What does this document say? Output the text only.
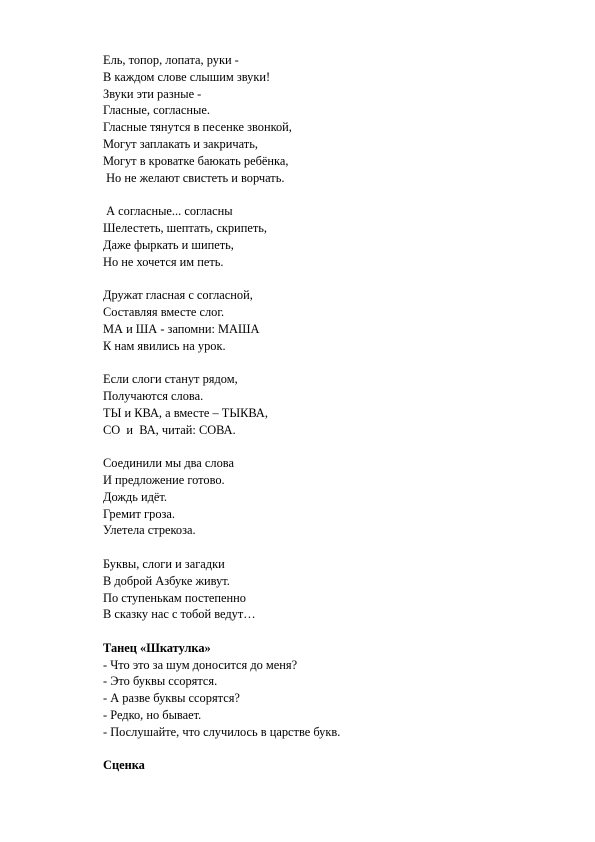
Ель, топор, лопата, руки -
В каждом слове слышим звуки!
Звуки эти разные -
Гласные, согласные.
Гласные тянутся в песенке звонкой,
Могут заплакать и закричать,
Могут в кроватке баюкать ребёнка,
Но не желают свистеть и ворчать.
А согласные... согласны
Шелестеть, шептать, скрипеть,
Даже фыркать и шипеть,
Но не хочется им петь.
Дружат гласная с согласной,
Составляя вместе слог.
МА и ША - запомни: МАША
К нам явились на урок.
Если слоги станут рядом,
Получаются слова.
ТЫ и КВА, а вместе – ТЫКВА,
СО  и  ВА, читай: СОВА.
Соединили мы два слова
И предложение готово.
Дождь идёт.
Гремит гроза.
Улетела стрекоза.
Буквы, слоги и загадки
В доброй Азбуке живут.
По ступенькам постепенно
В сказку нас с тобой ведут…
Танец «Шкатулка»
- Что это за шум доносится до меня?
- Это буквы ссорятся.
- А разве буквы ссорятся?
- Редко, но бывает.
- Послушайте, что случилось в царстве букв.
Сценка
